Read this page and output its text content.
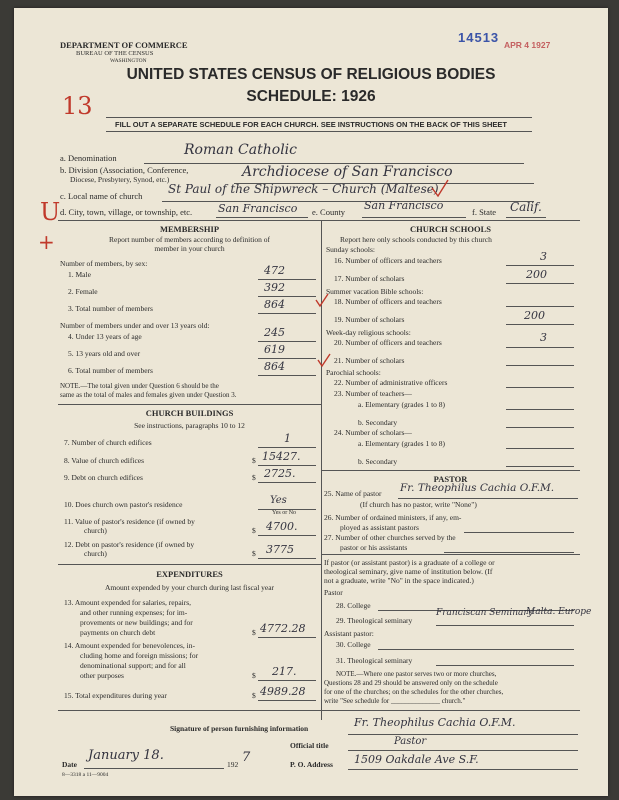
DEPARTMENT OF COMMERCE
BUREAU OF THE CENSUS
WASHINGTON
14513 APR 4 1927
UNITED STATES CENSUS OF RELIGIOUS BODIES
SCHEDULE: 1926
13
FILL OUT A SEPARATE SCHEDULE FOR EACH CHURCH. SEE INSTRUCTIONS ON THE BACK OF THIS SHEET
a. Denomination	Roman Catholic
b. Division (Association, Conference,
Diocese, Presbytery, Synod, etc.)	Archdiocese of San Francisco
c. Local name of church St Paul of the Shipwreck – Church (Maltese)
U d. City, town, village, or township, etc. San Francisco e. County San Francisco	f. State Calif.
+
MEMBERSHIP
Report number of members according to definition of
member in your church
Number of members, by sex:
1. Male	472
2. Female	392
3. Total number of members	864
Number of members under and over 13 years old:
4. Under 13 years of age	245
5. 13 years old and over	619
6. Total number of members	864
NOTE.—The total given under Question 6 should be the
same as the total of males and females given under Question 3.
CHURCH BUILDINGS
See instructions, paragraphs 10 to 12
7. Number of church edifices	1
8. Value of church edifices	$ 15427.
9. Debt on church edifices	$ 2725.
10. Does church own pastor's residence	Yes
Yes or No
11. Value of pastor's residence (if owned by
church)	$ 4700.
12. Debt on pastor's residence (if owned by
church)	$ 3775
EXPENDITURES
Amount expended by your church during last fiscal year
13. Amount expended for salaries, repairs,
and other running expenses; for im-
provements or new buildings; and for
payments on church debt	$ 4772.28
14. Amount expended for benevolences, in-
cluding home and foreign missions; for
denominational support; and for all
other purposes	$ 217.
15. Total expenditures during year	$ 4989.28
CHURCH SCHOOLS
Report here only schools conducted by this church
Sunday schools:
16. Number of officers and teachers	3
17. Number of scholars	200
Summer vacation Bible schools:
18. Number of officers and teachers
19. Number of scholars	200
Week-day religious schools:
20. Number of officers and teachers	3
21. Number of scholars
Parochial schools:
22. Number of administrative officers
23. Number of teachers—
a. Elementary (grades 1 to 8)
b. Secondary
24. Number of scholars—
a. Elementary (grades 1 to 8)
b. Secondary
PASTOR
25. Name of pastor Fr. Theophilus Cachia O.F.M.
(If church has no pastor, write "None")
26. Number of ordained ministers, if any, em-
ployed as assistant pastors
27. Number of other churches served by the
pastor or his assistants
If pastor (or assistant pastor) is a graduate of a college or
theological seminary, give name of institution below. (If
not a graduate, write "No" in the space indicated.)
Pastor
28. College
29. Theological seminary
Franciscan Seminary
Malta. Europe
Assistant pastor:
30. College
31. Theological seminary
NOTE.—Where one pastor serves two or more churches,
Questions 28 and 29 should be answered only on the schedule
for one of the churches; on the schedules for the other churches,
write "See schedule for ______________ church."
Signature of person furnishing information	Fr. Theophilus Cachia O.F.M.
Official title	Pastor
Date
January 18.
192 7	P. O. Address 1509 Oakdale Ave S.F.
8—3318 a 11—9004
